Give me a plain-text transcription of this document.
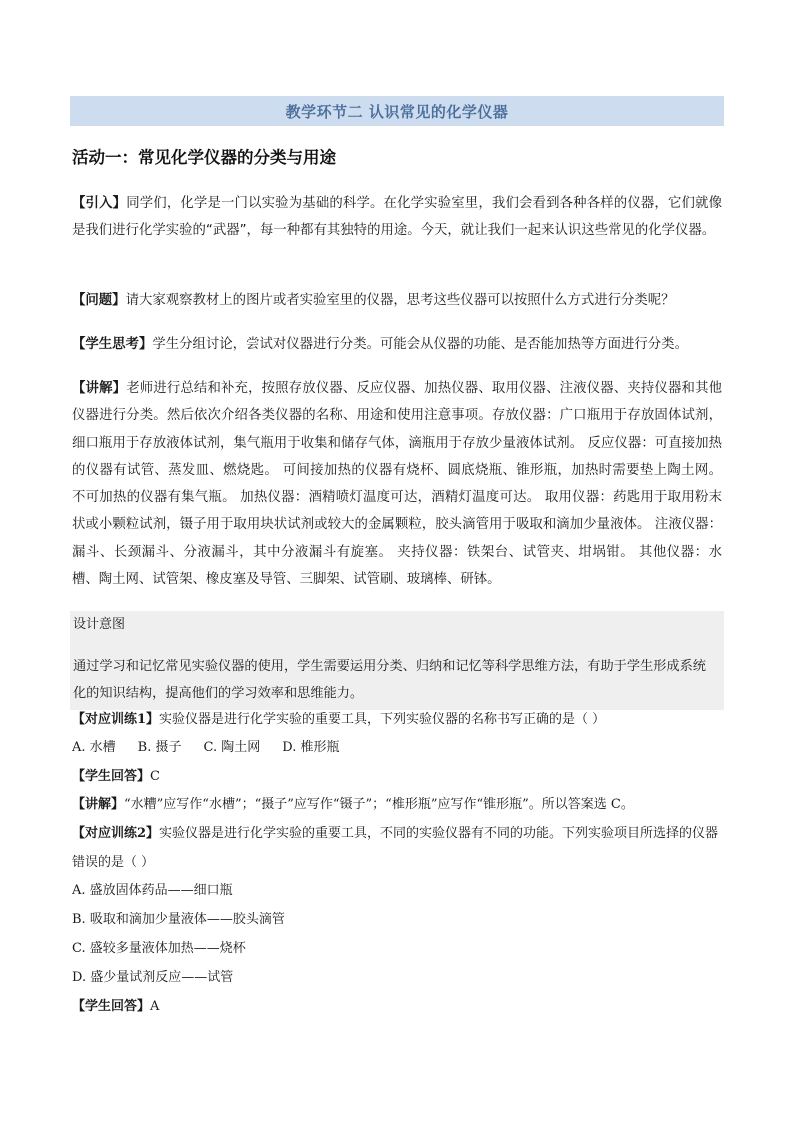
教学环节二 认识常见的化学仪器
活动一：常见化学仪器的分类与用途
【引入】同学们，化学是一门以实验为基础的科学。在化学实验室里，我们会看到各种各样的仪器，它们就像是我们进行化学实验的“武器”，每一种都有其独特的用途。今天，就让我们一起来认识这些常见的化学仪器。
【问题】请大家观察教材上的图片或者实验室里的仪器，思考这些仪器可以按照什么方式进行分类呢？
【学生思考】学生分组讨论，尝试对仪器进行分类。可能会从仪器的功能、是否能加热等方面进行分类。
【讲解】老师进行总结和补充，按照存放仪器、反应仪器、加热仪器、取用仪器、注液仪器、夹持仪器和其他仪器进行分类。然后依次介绍各类仪器的名称、用途和使用注意事项。存放仪器：广口瓶用于存放固体试剂，细口瓶用于存放液体试剂，集气瓶用于收集和储存气体，滴瓶用于存放少量液体试剂。 反应仪器：可直接加热的仪器有试管、蒸发皿、燃烧匙。 可间接加热的仪器有烧杯、圆底烧瓶、锥形瓶，加热时需要垫上陶土网。 不可加热的仪器有集气瓶。 加热仪器：酒精喷灯温度可达，酒精灯温度可达。 取用仪器：药匙用于取用粉末状或小颗粒试剂，镊子用于取用块状试剂或较大的金属颗粒，胶头滴管用于吸取和滴加少量液体。 注液仪器：漏斗、长颈漏斗、分液漏斗，其中分液漏斗有旋塞。 夹持仪器：铁架台、试管夹、坩埚钳。 其他仪器：水槽、陶土网、试管架、橡皮塞及导管、三脚架、试管刷、玻璃棒、研钵。
设计意图
通过学习和记忆常见实验仪器的使用，学生需要运用分类、归纳和记忆等科学思维方法，有助于学生形成系统化的知识结构，提高他们的学习效率和思维能力。
【对应训练1】实验仪器是进行化学实验的重要工具，下列实验仪器的名称书写正确的是（ ）
A. 水槽 B. 摄子 C. 陶土网 D. 椎形瓶
【学生回答】C
【讲解】“水糟”应写作“水槽”；“摄子”应写作“镊子”；“椎形瓶”应写作“锥形瓶”。所以答案选 C。
【对应训练2】实验仪器是进行化学实验的重要工具，不同的实验仪器有不同的功能。下列实验项目所选择的仪器错误的是（ ）
A. 盛放固体药品——细口瓶
B. 吸取和滴加少量液体——胶头滴管
C. 盛较多量液体加热——烧杯
D. 盛少量试剂反应——试管
【学生回答】A
